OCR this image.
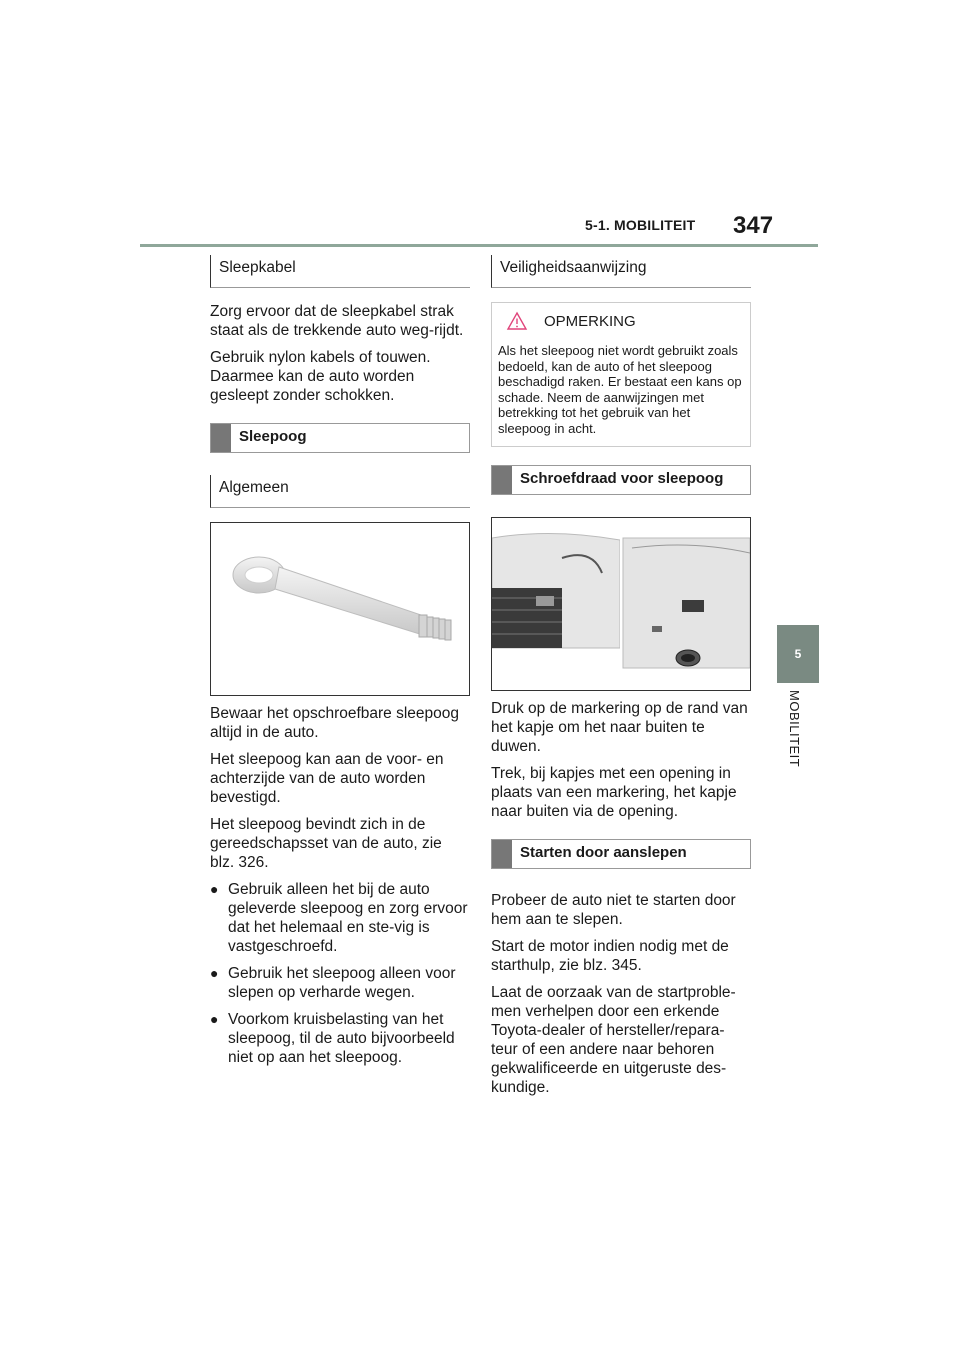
5-1. MOBILITEIT 347
5
MOBILITEIT
Sleepkabel

Zorg ervoor dat de sleepkabel strak staat als de trekkende auto weg-rijdt.

Gebruik nylon kabels of touwen. Daarmee kan de auto worden gesleept zonder schokken.

Sleepoog
Algemeen

Bewaar het opschroefbare sleepoog altijd in de auto.

Het sleepoog kan aan de voor- en achterzijde van de auto worden bevestigd.

Het sleepoog bevindt zich in de gereedschapsset van de auto, zie blz. 326.

● Gebruik alleen het bij de auto geleverde sleepoog en zorg ervoor dat het helemaal en ste-vig is vastgeschroefd.
● Gebruik het sleepoog alleen voor slepen op verharde wegen.
● Voorkom kruisbelasting van het sleepoog, til de auto bijvoorbeeld niet op aan het sleepoog.
Veiligheidsaanwijzing
OPMERKING
Als het sleepoog niet wordt gebruikt zoals bedoeld, kan de auto of het sleepoog beschadigd raken. Er bestaat een kans op schade. Neem de aanwijzingen met betrekking tot het gebruik van het sleepoog in acht.
Schroefdraad voor sleepoog

Druk op de markering op de rand van het kapje om het naar buiten te duwen.

Trek, bij kapjes met een opening in plaats van een markering, het kapje naar buiten via de opening.

Starten door aanslepen

Probeer de auto niet te starten door hem aan te slepen.

Start de motor indien nodig met de starthulp, zie blz. 345.

Laat de oorzaak van de startproble-men verhelpen door een erkende Toyota-dealer of hersteller/repara-teur of een andere naar behoren gekwalificeerde en uitgeruste des-kundige.
